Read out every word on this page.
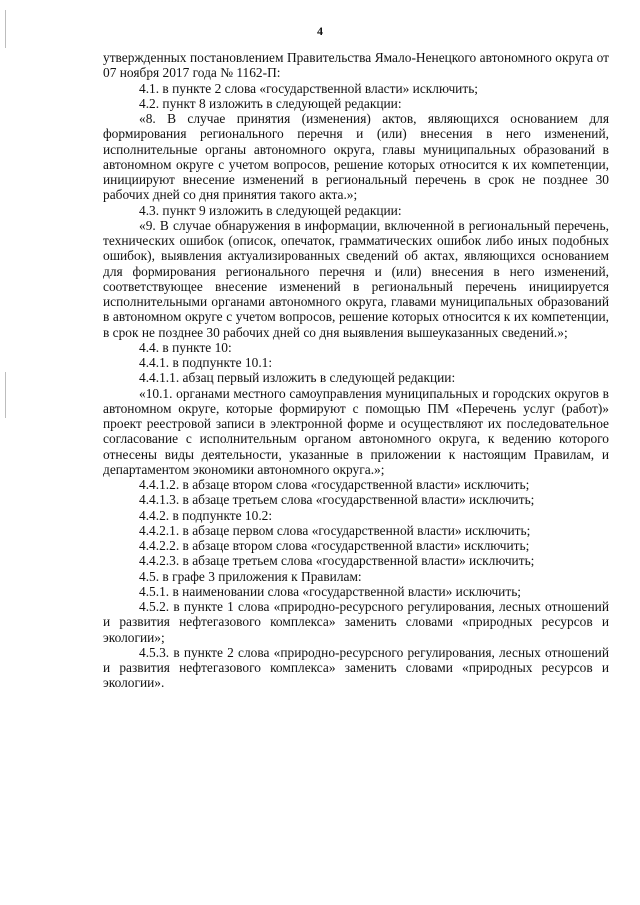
4

утвержденных постановлением Правительства Ямало-Ненецкого автономного округа от 07 ноября 2017 года № 1162-П:

4.1. в пункте 2 слова «государственной власти» исключить;

4.2. пункт 8 изложить в следующей редакции:

«8. В случае принятия (изменения) актов, являющихся основанием для формирования регионального перечня и (или) внесения в него изменений, исполнительные органы автономного округа, главы муниципальных образований в автономном округе с учетом вопросов, решение которых относится к их компетенции, инициируют внесение изменений в региональный перечень в срок не позднее 30 рабочих дней со дня принятия такого акта.»;

4.3. пункт 9 изложить в следующей редакции:

«9. В случае обнаружения в информации, включенной в региональный перечень, технических ошибок (описок, опечаток, грамматических ошибок либо иных подобных ошибок), выявления актуализированных сведений об актах, являющихся основанием для формирования регионального перечня и (или) внесения в него изменений, соответствующее внесение изменений в региональный перечень инициируется исполнительными органами автономного округа, главами муниципальных образований в автономном округе с учетом вопросов, решение которых относится к их компетенции, в срок не позднее 30 рабочих дней со дня выявления вышеуказанных сведений.»;

4.4. в пункте 10:

4.4.1. в подпункте 10.1:

4.4.1.1. абзац первый изложить в следующей редакции:

«10.1. органами местного самоуправления муниципальных и городских округов в автономном округе, которые формируют с помощью ПМ «Перечень услуг (работ)» проект реестровой записи в электронной форме и осуществляют их последовательное согласование с исполнительным органом автономного округа, к ведению которого отнесены виды деятельности, указанные в приложении к настоящим Правилам, и департаментом экономики автономного округа.»;

4.4.1.2. в абзаце втором слова «государственной власти» исключить;

4.4.1.3. в абзаце третьем слова «государственной власти» исключить;

4.4.2. в подпункте 10.2:

4.4.2.1. в абзаце первом слова «государственной власти» исключить;

4.4.2.2. в абзаце втором слова «государственной власти» исключить;

4.4.2.3. в абзаце третьем слова «государственной власти» исключить;

4.5. в графе 3 приложения к Правилам:

4.5.1. в наименовании слова «государственной власти» исключить;

4.5.2. в пункте 1 слова «природно-ресурсного регулирования, лесных отношений и развития нефтегазового комплекса» заменить словами «природных ресурсов и экологии»;

4.5.3. в пункте 2 слова «природно-ресурсного регулирования, лесных отношений и развития нефтегазового комплекса» заменить словами «природных ресурсов и экологии».
